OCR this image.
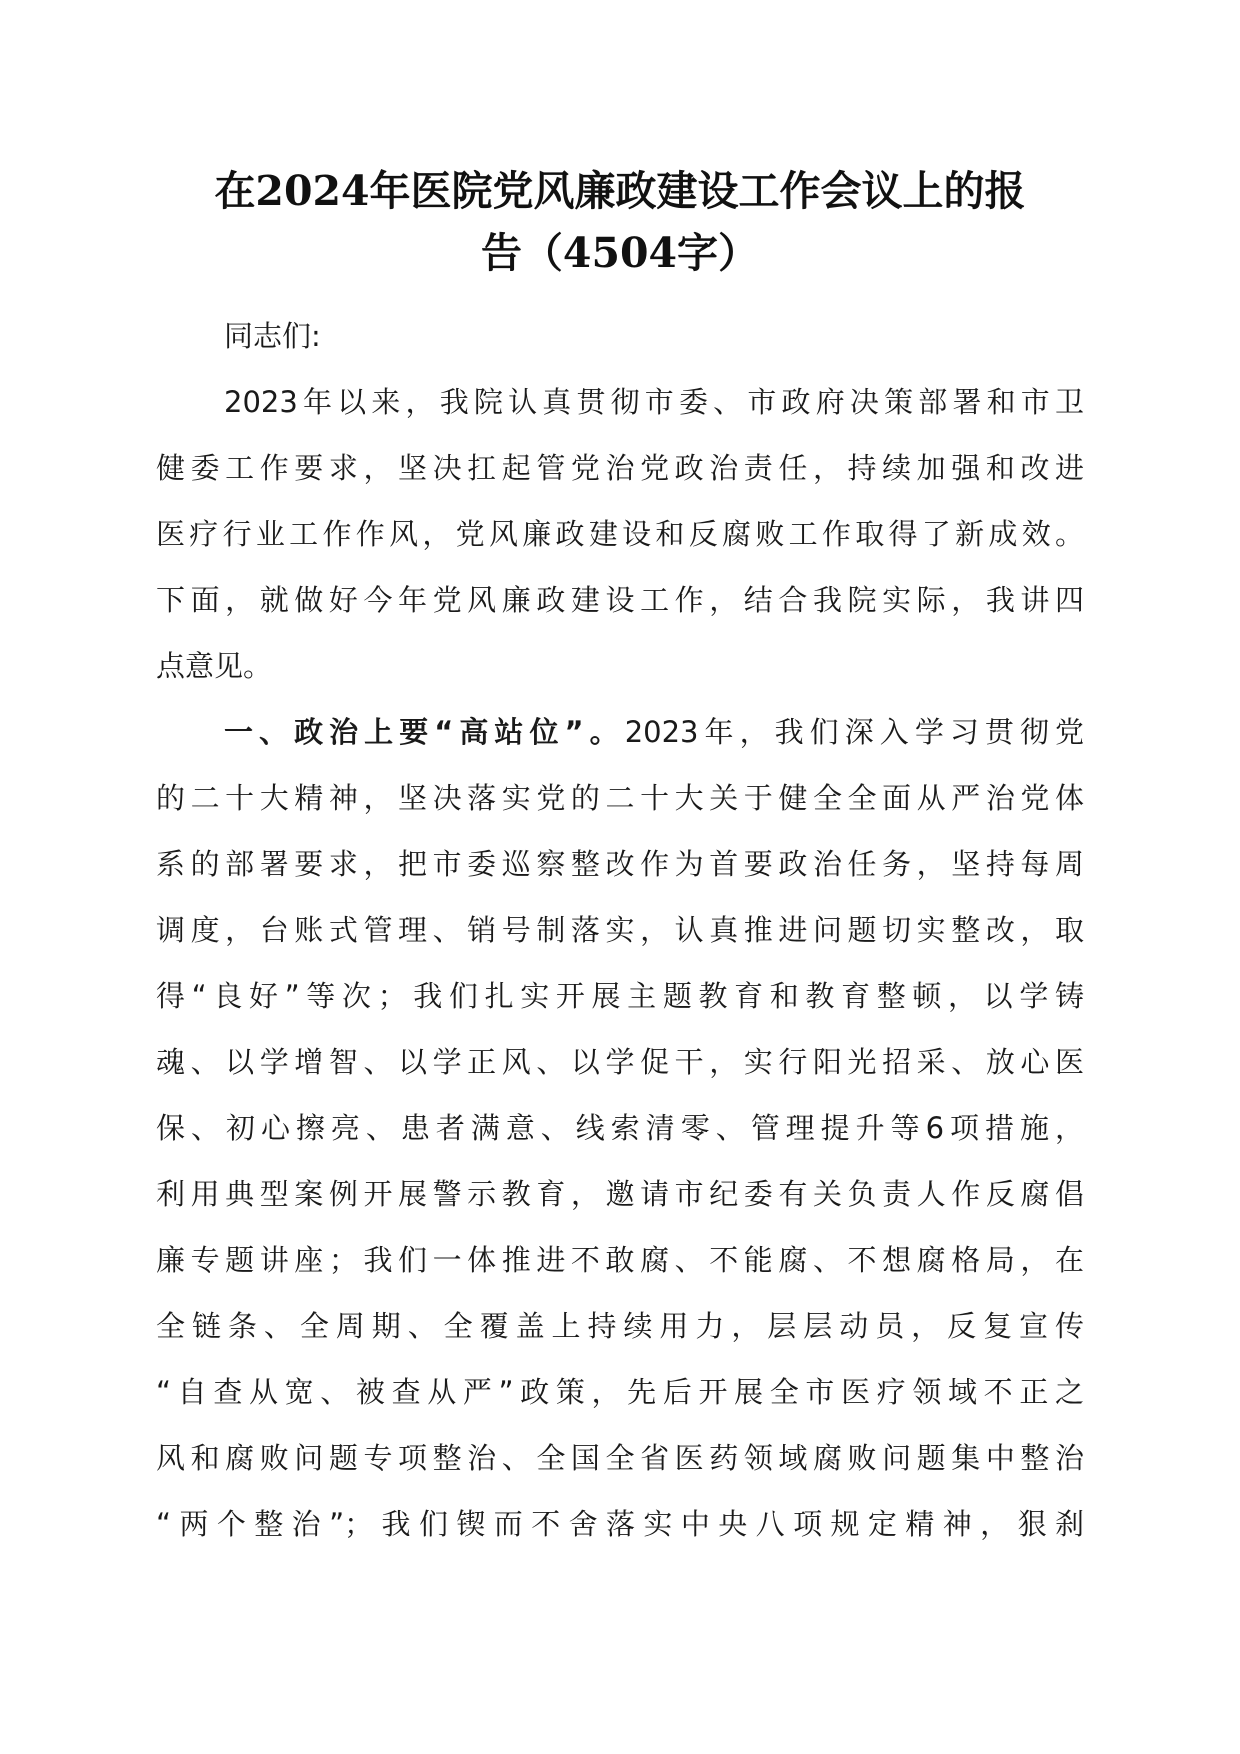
在2024年医院党风廉政建设工作会议上的报
告（4504字）
同志们:
2023年以来，我院认真贯彻市委、市政府决策部署和市卫
健委工作要求，坚决扛起管党治党政治责任，持续加强和改进
医疗行业工作作风，党风廉政建设和反腐败工作取得了新成效。
下面，就做好今年党风廉政建设工作，结合我院实际，我讲四
点意见。
一、政治上要“高站位”。2023年，我们深入学习贯彻党
的二十大精神，坚决落实党的二十大关于健全全面从严治党体
系的部署要求，把市委巡察整改作为首要政治任务，坚持每周
调度，台账式管理、销号制落实，认真推进问题切实整改，取
得“良好”等次；我们扎实开展主题教育和教育整顿，以学铸
魂、以学增智、以学正风、以学促干，实行阳光招采、放心医
保、初心擦亮、患者满意、线索清零、管理提升等6项措施，
利用典型案例开展警示教育，邀请市纪委有关负责人作反腐倡
廉专题讲座；我们一体推进不敢腐、不能腐、不想腐格局，在
全链条、全周期、全覆盖上持续用力，层层动员，反复宣传
“自查从宽、被查从严”政策，先后开展全市医疗领域不正之
风和腐败问题专项整治、全国全省医药领域腐败问题集中整治
“两个整治”；我们锲而不舍落实中央八项规定精神，狠刹
